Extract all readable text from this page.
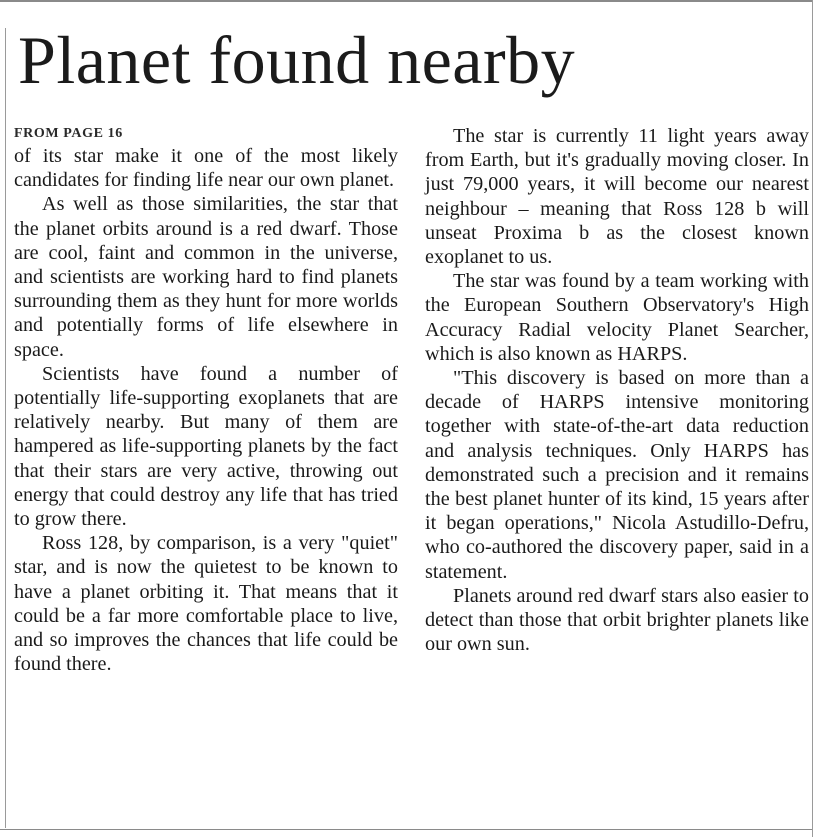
Planet found nearby

FROM PAGE 16

of its star make it one of the most likely candidates for finding life near our own planet.

As well as those similarities, the star that the planet orbits around is a red dwarf. Those are cool, faint and common in the universe, and scientists are working hard to find planets surrounding them as they hunt for more worlds and potentially forms of life elsewhere in space.

Scientists have found a number of potentially life-supporting exoplanets that are relatively nearby. But many of them are hampered as life-supporting planets by the fact that their stars are very active, throwing out energy that could destroy any life that has tried to grow there.

Ross 128, by comparison, is a very "quiet" star, and is now the quietest to be known to have a planet orbiting it. That means that it could be a far more comfortable place to live, and so improves the chances that life could be found there.

The star is currently 11 light years away from Earth, but it's gradually moving closer. In just 79,000 years, it will become our nearest neighbour – meaning that Ross 128 b will unseat Proxima b as the closest known exoplanet to us.

The star was found by a team working with the European Southern Observatory's High Accuracy Radial velocity Planet Searcher, which is also known as HARPS.

"This discovery is based on more than a decade of HARPS intensive monitoring together with state-of-the-art data reduction and analysis techniques. Only HARPS has demonstrated such a precision and it remains the best planet hunter of its kind, 15 years after it began operations," Nicola Astudillo-Defru, who co-authored the discovery paper, said in a statement.

Planets around red dwarf stars also easier to detect than those that orbit brighter planets like our own sun.
